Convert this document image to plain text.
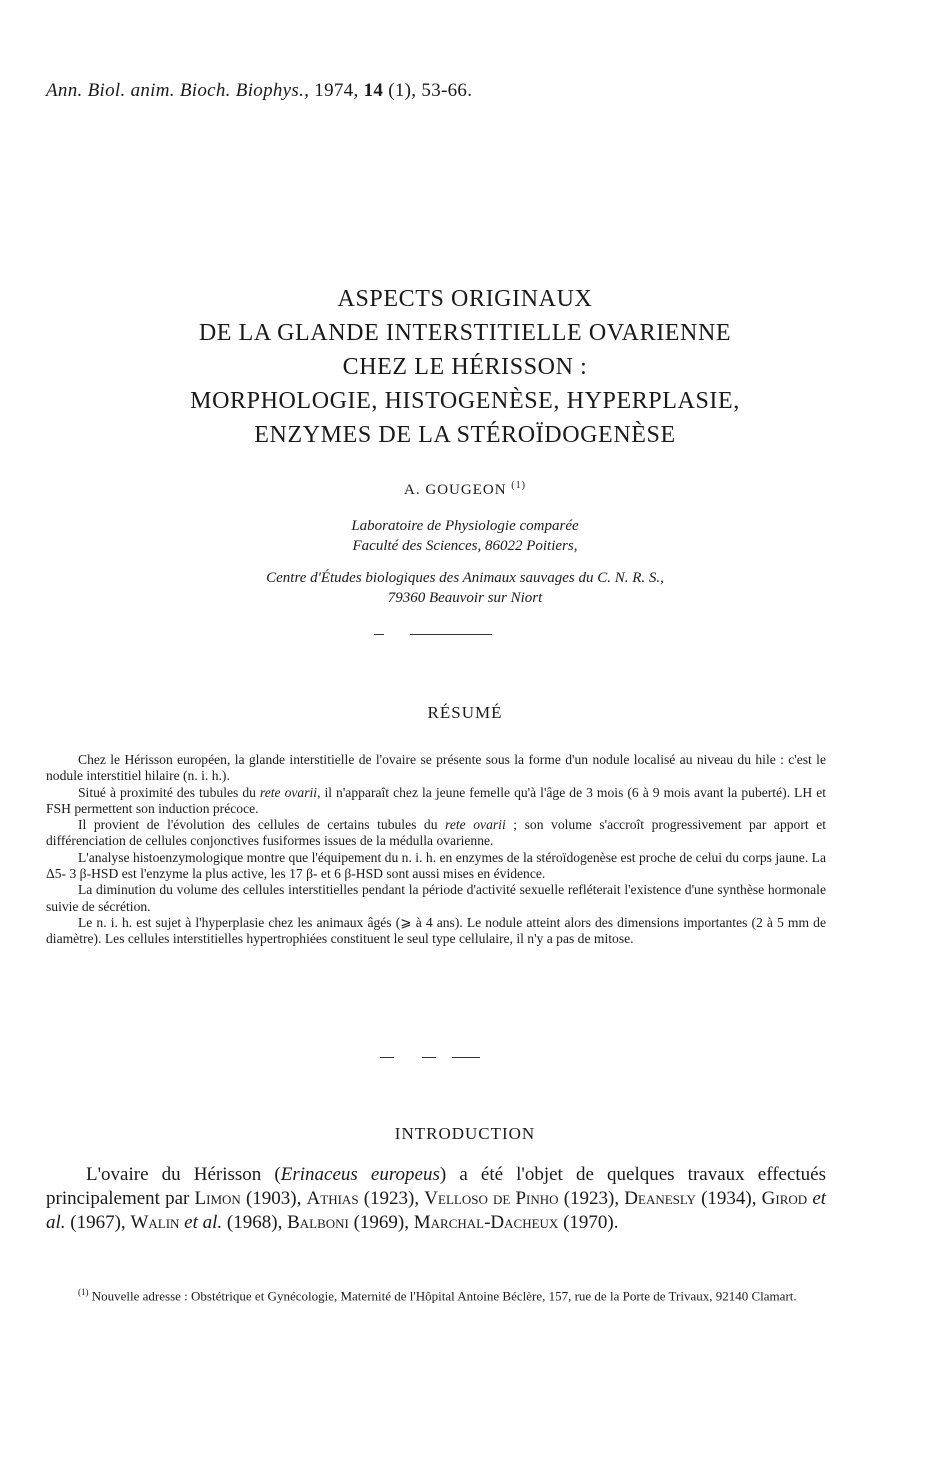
Ann. Biol. anim. Bioch. Biophys., 1974, 14 (1), 53-66.
ASPECTS ORIGINAUX
DE LA GLANDE INTERSTITIELLE OVARIENNE
CHEZ LE HÉRISSON :
MORPHOLOGIE, HISTOGENÈSE, HYPERPLASIE,
ENZYMES DE LA STÉROÏDOGENÈSE
A. GOUGEON $^{(1)}$
Laboratoire de Physiologie comparée
Faculté des Sciences, 86022 Poitiers,
Centre d'Études biologiques des Animaux sauvages du C. N. R. S.,
79360 Beauvoir sur Niort
RÉSUMÉ

Chez le Hérisson européen, la glande interstitielle de l'ovaire se présente sous la forme d'un nodule localisé au niveau du hile : c'est le nodule interstitiel hilaire (n. i. h.).

Situé à proximité des tubules du rete ovarii, il n'apparaît chez la jeune femelle qu'à l'âge de 3 mois (6 à 9 mois avant la puberté). LH et FSH permettent son induction précoce.

Il provient de l'évolution des cellules de certains tubules du rete ovarii ; son volume s'accroît progressivement par apport et différenciation de cellules conjonctives fusiformes issues de la médulla ovarienne.

L'analyse histoenzymologique montre que l'équipement du n. i. h. en enzymes de la stéroïdogenèse est proche de celui du corps jaune. La Δ5- 3 β-HSD est l'enzyme la plus active, les 17 β- et 6 β-HSD sont aussi mises en évidence.

La diminution du volume des cellules interstitielles pendant la période d'activité sexuelle refléterait l'existence d'une synthèse hormonale suivie de sécrétion.

Le n. i. h. est sujet à l'hyperplasie chez les animaux âgés (⩾ à 4 ans). Le nodule atteint alors des dimensions importantes (2 à 5 mm de diamètre). Les cellules interstitielles hypertrophiées constituent le seul type cellulaire, il n'y a pas de mitose.

INTRODUCTION

L'ovaire du Hérisson (Erinaceus europeus) a été l'objet de quelques travaux effectués principalement par Limon (1903), Athias (1923), Velloso de Pinho (1923), Deanesly (1934), Girod et al. (1967), Walin et al. (1968), Balboni (1969), Marchal-Dacheux (1970).

$^{(1)}$ Nouvelle adresse : Obstétrique et Gynécologie, Maternité de l'Hôpital Antoine Béclère, 157, rue de la Porte de Trivaux, 92140 Clamart.
